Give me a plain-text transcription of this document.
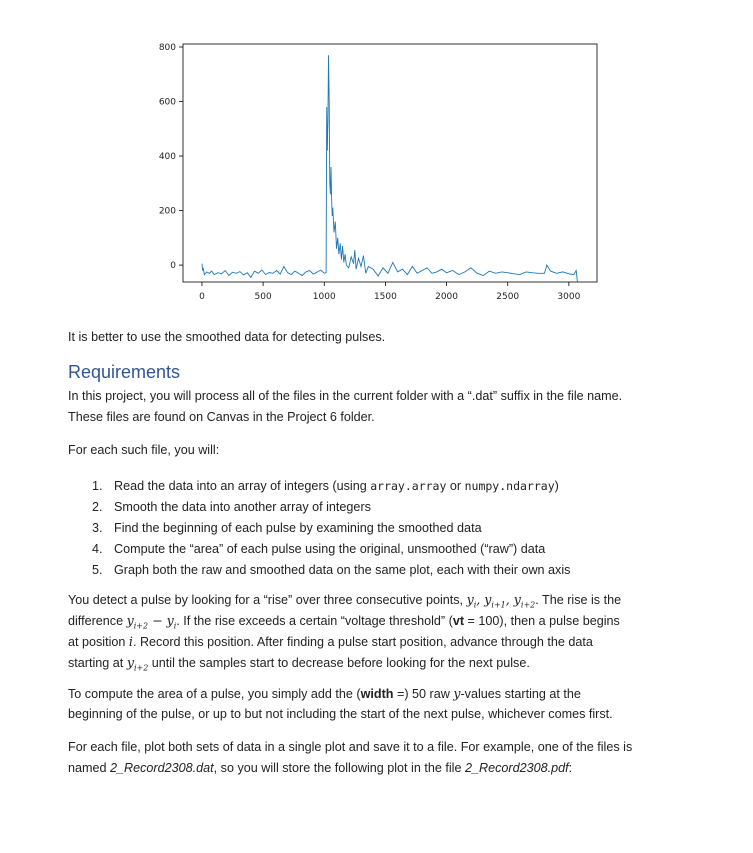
0	500	1000	1500	2000	2500	3000
0
200
400
600
800
It is better to use the smoothed data for detecting pulses.
Requirements
In this project, you will process all of the files in the current folder with a “.dat” suffix in the file name.
These files are found on Canvas in the Project 6 folder.
For each such file, you will:
1. Read the data into an array of integers (using array.array or numpy.ndarray)
2. Smooth the data into another array of integers
3. Find the beginning of each pulse by examining the smoothed data
4. Compute the “area” of each pulse using the original, unsmoothed (“raw”) data
5. Graph both the raw and smoothed data on the same plot, each with their own axis
You detect a pulse by looking for a “rise” over three consecutive points, $y_i$, $y_{i+1}$, $y_{i+2}$. The rise is the
difference $y_{i+2} - y_i$. If the rise exceeds a certain “voltage threshold” (vt = 100), then a pulse begins
at position i. Record this position. After finding a pulse start position, advance through the data
starting at $y_{i+2}$ until the samples start to decrease before looking for the next pulse.
To compute the area of a pulse, you simply add the (width =) 50 raw y-values starting at the
beginning of the pulse, or up to but not including the start of the next pulse, whichever comes first.
For each file, plot both sets of data in a single plot and save it to a file. For example, one of the files is
named 2_Record2308.dat, so you will store the following plot in the file 2_Record2308.pdf:
